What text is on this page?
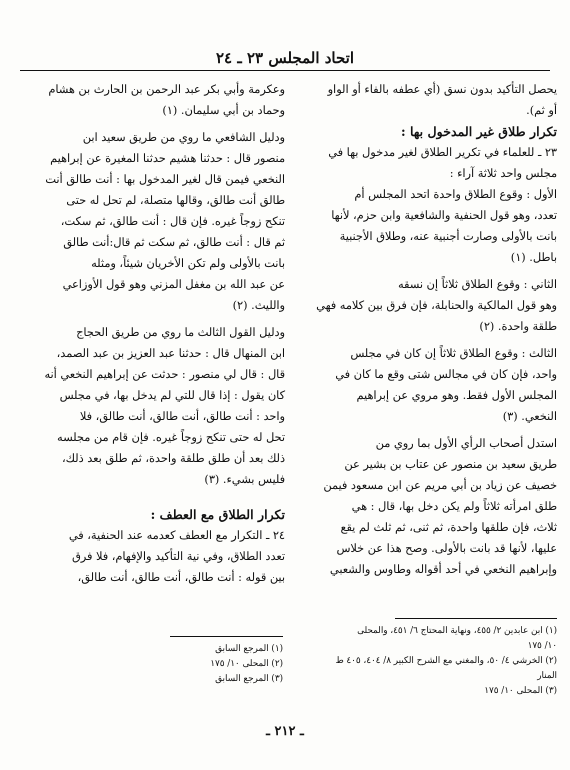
اتحاد المجلس ٢٣ ـ ٢٤

يحصل التأكيد بدون نسق (أي عطفه بالفاء أو الواو

أو ثم).

تكرار طلاق غير المدخول بها :

٢٣ ـ للعلماء في تكرير الطلاق لغير مدخول بها في

مجلس واحد ثلاثة آراء :

الأول : وقوع الطلاق واحدة اتحد المجلس أم

تعدد، وهو قول الحنفية والشافعية وابن حزم، لأنها

بانت بالأولى وصارت أجنبية عنه، وطلاق الأجنبية

باطل. (١)

الثاني : وقوع الطلاق ثلاثاً إن نسقه

وهو قول المالكية والحنابلة، فإن فرق بين كلامه فهي

طلقة واحدة. (٢)

الثالث : وقوع الطلاق ثلاثاً إن كان في مجلس

واحد، فإن كان في مجالس شتى وقع ما كان في

المجلس الأول فقط. وهو مروي عن إبراهيم

النخعي. (٣)

استدل أصحاب الرأي الأول بما روي من

طريق سعيد بن منصور عن عتاب بن بشير عن

خصيف عن زياد بن أبي مريم عن ابن مسعود فيمن

طلق امرأته ثلاثاً ولم يكن دخل بها، قال : هي

ثلاث، فإن طلقها واحدة، ثم ثنى، ثم ثلث لم يقع

عليها، لأنها قد بانت بالأولى. وصح هذا عن خلاس

وإبراهيم النخعي في أحد أقواله وطاوس والشعبي

وعكرمة وأبي بكر عبد الرحمن بن الحارث بن هشام

وحماد بن أبي سليمان. (١)

ودليل الشافعي ما روي من طريق سعيد ابن

منصور قال : حدثنا هشيم حدثنا المغيرة عن إبراهيم

النخعي فيمن قال لغير المدخول بها : أنت طالق أنت

طالق أنت طالق، وقالها متصلة، لم تحل له حتى

تنكح زوجاً غيره. فإن قال : أنت طالق، ثم سكت،

ثم قال : أنت طالق، ثم سكت ثم قال:أنت طالق

بانت بالأولى ولم تكن الأخريان شيئاً، ومثله

عن عبد الله بن مغفل المزني وهو قول الأوزاعي

والليث. (٢)

ودليل القول الثالث ما روي من طريق الحجاج

ابن المنهال قال : حدثنا عبد العزيز بن عبد الصمد،

قال : قال لي منصور : حدثت عن إبراهيم النخعي أنه

كان يقول : إذا قال للتي لم يدخل بها، في مجلس

واحد : أنت طالق، أنت طالق، أنت طالق، فلا

تحل له حتى تنكح زوجاً غيره. فإن قام من مجلسه

ذلك بعد أن طلق طلقة واحدة، ثم طلق بعد ذلك،

فليس بشيء. (٣)

تكرار الطلاق مع العطف :

٢٤ ـ التكرار مع العطف كعدمه عند الحنفية، في

تعدد الطلاق، وفي نية التأكيد والإفهام، فلا فرق

بين قوله : أنت طالق، أنت طالق، أنت طالق،

(١) ابن عابدين ٢/ ٤٥٥، ونهاية المحتاج ٦/ ٤٥١، والمحلى
١٠/ ١٧٥
(٢) الخرشي ٤/ ٥٠، والمغني مع الشرح الكبير ٨/ ٤٠٤، ٤٠٥ ط
المنار
(٣) المحلى ١٠/ ١٧٥
(١) المرجع السابق
(٢) المحلى ١٠/ ١٧٥
(٣) المرجع السابق
ـ ٢١٢ ـ
